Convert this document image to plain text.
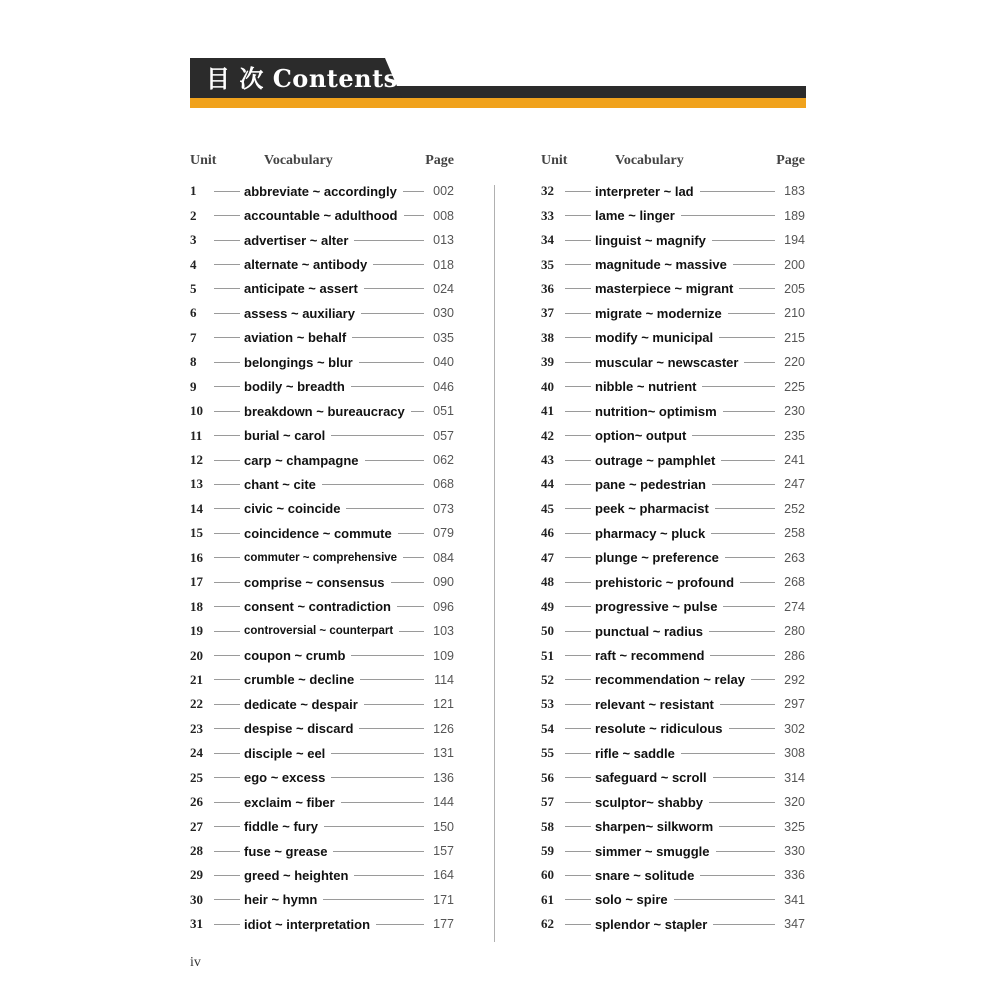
目 次 Contents
Unit	Vocabulary	Page
1	abbreviate ~ accordingly	002
2	accountable ~ adulthood	008
3	advertiser ~ alter	013
4	alternate ~ antibody	018
5	anticipate ~ assert	024
6	assess ~ auxiliary	030
7	aviation ~ behalf	035
8	belongings ~ blur	040
9	bodily ~ breadth	046
10	breakdown ~ bureaucracy 051
11	burial ~ carol	057
12	carp ~ champagne	062
13	chant ~ cite	068
14	civic ~ coincide	073
15	coincidence ~ commute	079
16	commuter ~ comprehensive	084
17	comprise ~ consensus	090
18	consent ~ contradiction	096
19	controversial ~ counterpart	103
20	coupon ~ crumb	109
21	crumble ~ decline	114
22	dedicate ~ despair	121
23	despise ~ discard	126
24	disciple ~ eel	131
25	ego ~ excess	136
26	exclaim ~ fiber	144
27	fiddle ~ fury	150
28	fuse ~ grease	157
29	greed ~ heighten	164
30	heir ~ hymn	171
31	idiot ~ interpretation	177
Unit	Vocabulary	Page
32	interpreter ~ lad	183
33	lame ~ linger	189
34	linguist ~ magnify	194
35	magnitude ~ massive	200
36	masterpiece ~ migrant	205
37	migrate ~ modernize	210
38	modify ~ municipal	215
39	muscular ~ newscaster	220
40	nibble ~ nutrient	225
41	nutrition~ optimism	230
42	option~ output	235
43	outrage ~ pamphlet	241
44	pane ~ pedestrian	247
45	peek ~ pharmacist	252
46	pharmacy ~ pluck	258
47	plunge ~ preference	263
48	prehistoric ~ profound	268
49	progressive ~ pulse	274
50	punctual ~ radius	280
51	raft ~ recommend	286
52	recommendation ~ relay	292
53	relevant ~ resistant	297
54	resolute ~ ridiculous	302
55	rifle ~ saddle	308
56	safeguard ~ scroll	314
57	sculptor~ shabby	320
58	sharpen~ silkworm	325
59	simmer ~ smuggle	330
60	snare ~ solitude	336
61	solo ~ spire	341
62	splendor ~ stapler	347
iv
